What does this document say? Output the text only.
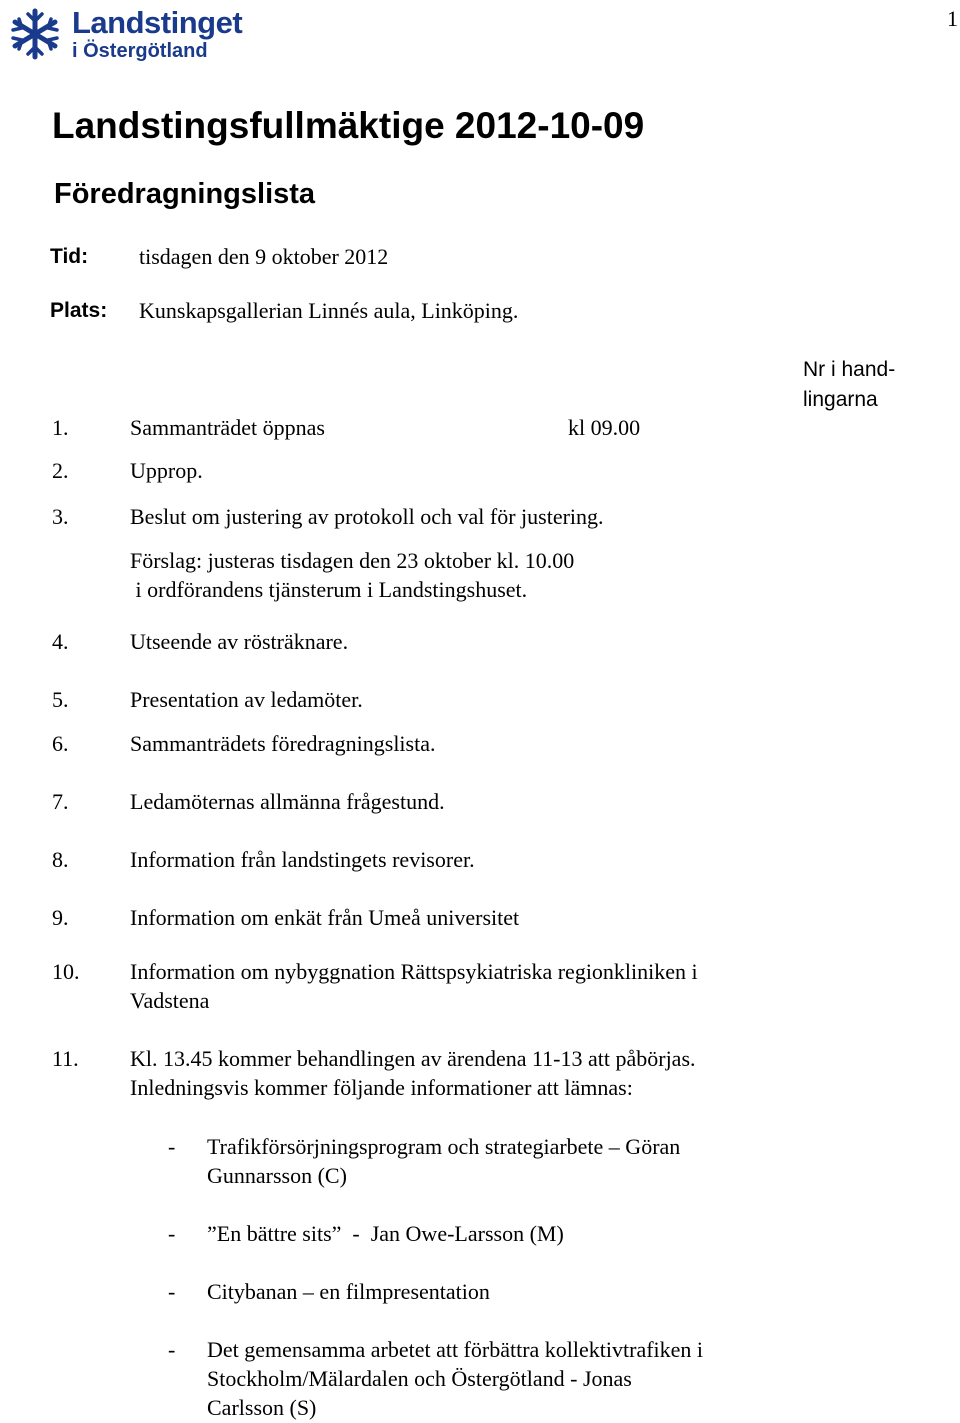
Landstinget
i Östergötland
1
Landstingsfullmäktige 2012-10-09
Föredragningslista
Tid: tisdagen den 9 oktober 2012
Plats: Kunskapsgallerian Linnés aula, Linköping.
Nr i hand-
lingarna
1.	Sammanträdet öppnas	kl 09.00
2.	Upprop.
3.	Beslut om justering av protokoll och val för justering.
Förslag: justeras tisdagen den 23 oktober kl. 10.00
i ordförandens tjänsterum i Landstingshuset.
4.	Utseende av rösträknare.
5.	Presentation av ledamöter.
6.	Sammanträdets föredragningslista.
7.	Ledamöternas allmänna frågestund.
8.	Information från landstingets revisorer.
9.	Information om enkät från Umeå universitet
10. Information om nybyggnation Rättspsykiatriska regionkliniken i
Vadstena
11. Kl. 13.45 kommer behandlingen av ärendena 11-13 att påbörjas.
Inledningsvis kommer följande informationer att lämnas:
- Trafikförsörjningsprogram och strategiarbete – Göran
Gunnarsson (C)
- ”En bättre sits”  -  Jan Owe-Larsson (M)
- Citybanan – en filmpresentation
- Det gemensamma arbetet att förbättra kollektivtrafiken i
Stockholm/Mälardalen och Östergötland - Jonas
Carlsson (S)
